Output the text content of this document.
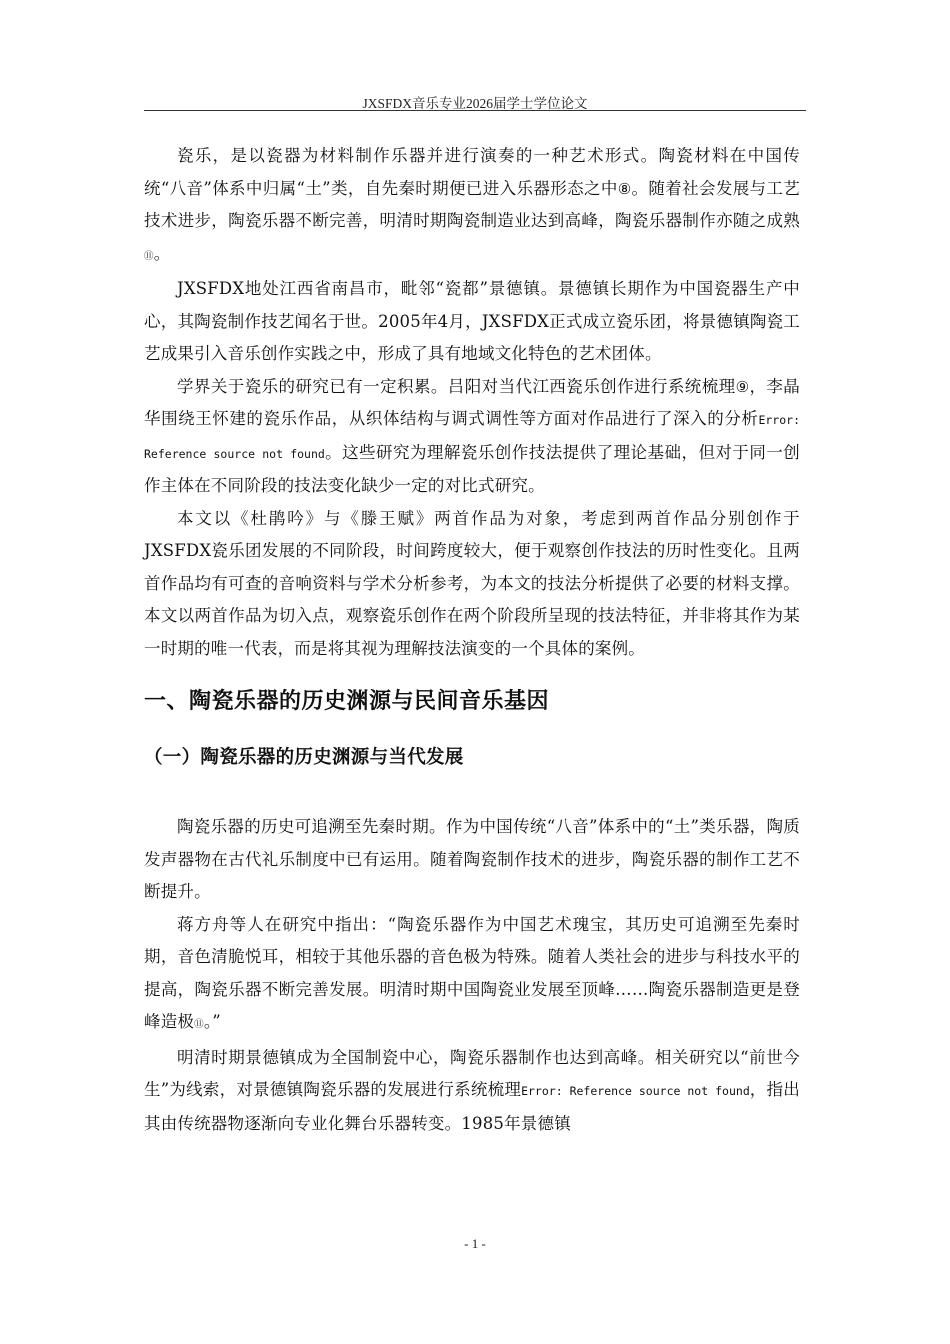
JXSFDX音乐专业2026届学士学位论文

瓷乐，是以瓷器为材料制作乐器并进行演奏的一种艺术形式。陶瓷材料在中国传统“八音”体系中归属“土”类，自先秦时期便已进入乐器形态之中⑧。随着社会发展与工艺技术进步，陶瓷乐器不断完善，明清时期陶瓷制造业达到高峰，陶瓷乐器制作亦随之成熟⑪。

JXSFDX地处江西省南昌市，毗邻“瓷都”景德镇。景德镇长期作为中国瓷器生产中心，其陶瓷制作技艺闻名于世。2005年4月，JXSFDX正式成立瓷乐团，将景德镇陶瓷工艺成果引入音乐创作实践之中，形成了具有地域文化特色的艺术团体。

学界关于瓷乐的研究已有一定积累。吕阳对当代江西瓷乐创作进行系统梳理⑨，李晶华围绕王怀建的瓷乐作品，从织体结构与调式调性等方面对作品进行了深入的分析Error: Reference source not found。这些研究为理解瓷乐创作技法提供了理论基础，但对于同一创作主体在不同阶段的技法变化缺少一定的对比式研究。

本文以《杜鹃吟》与《滕王赋》两首作品为对象，考虑到两首作品分别创作于JXSFDX瓷乐团发展的不同阶段，时间跨度较大，便于观察创作技法的历时性变化。且两首作品均有可查的音响资料与学术分析参考，为本文的技法分析提供了必要的材料支撑。本文以两首作品为切入点，观察瓷乐创作在两个阶段所呈现的技法特征，并非将其作为某一时期的唯一代表，而是将其视为理解技法演变的一个具体的案例。

一、陶瓷乐器的历史渊源与民间音乐基因
（一）陶瓷乐器的历史渊源与当代发展

陶瓷乐器的历史可追溯至先秦时期。作为中国传统“八音”体系中的“土”类乐器，陶质发声器物在古代礼乐制度中已有运用。随着陶瓷制作技术的进步，陶瓷乐器的制作工艺不断提升。

蒋方舟等人在研究中指出：“陶瓷乐器作为中国艺术瑰宝，其历史可追溯至先秦时期，音色清脆悦耳，相较于其他乐器的音色极为特殊。随着人类社会的进步与科技水平的提高，陶瓷乐器不断完善发展。明清时期中国陶瓷业发展至顶峰……陶瓷乐器制造更是登峰造极⑪。”

明清时期景德镇成为全国制瓷中心，陶瓷乐器制作也达到高峰。相关研究以“前世今生”为线索，对景德镇陶瓷乐器的发展进行系统梳理Error: Reference source not found，指出其由传统器物逐渐向专业化舞台乐器转变。1985年景德镇

- 1 -
